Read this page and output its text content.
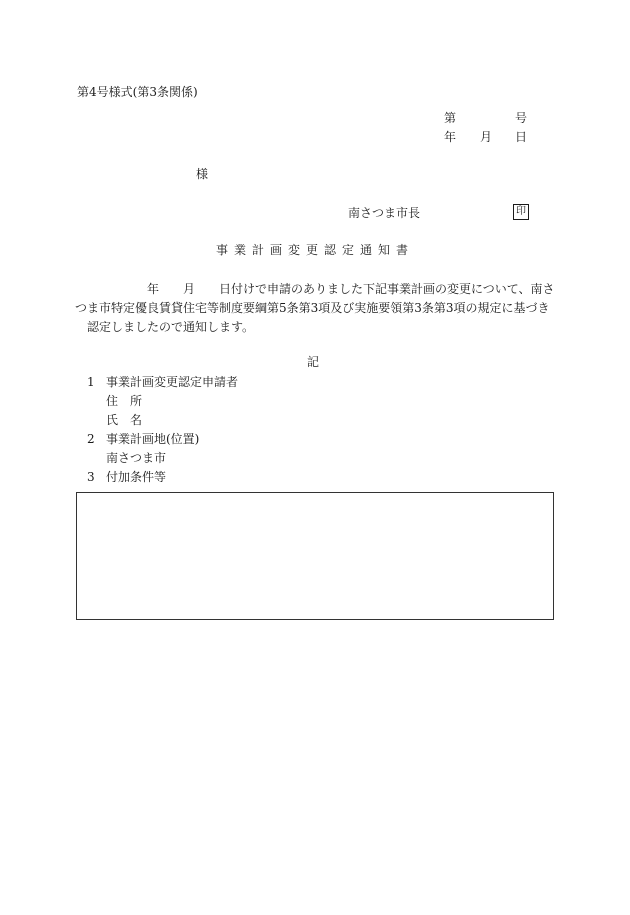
第4号様式(第3条関係)
第	号
年 月 日
様
南さつま市長	印
事業計画変更認定通知書
年 月 日付けで申請のありました下記事業計画の変更について、南さ
つま市特定優良賃貸住宅等制度要綱第5条第3項及び実施要領第3条第3項の規定に基づき
認定しましたので通知します。
記
1 事業計画変更認定申請者
住　所
氏　名
2 事業計画地(位置)
南さつま市
3 付加条件等
